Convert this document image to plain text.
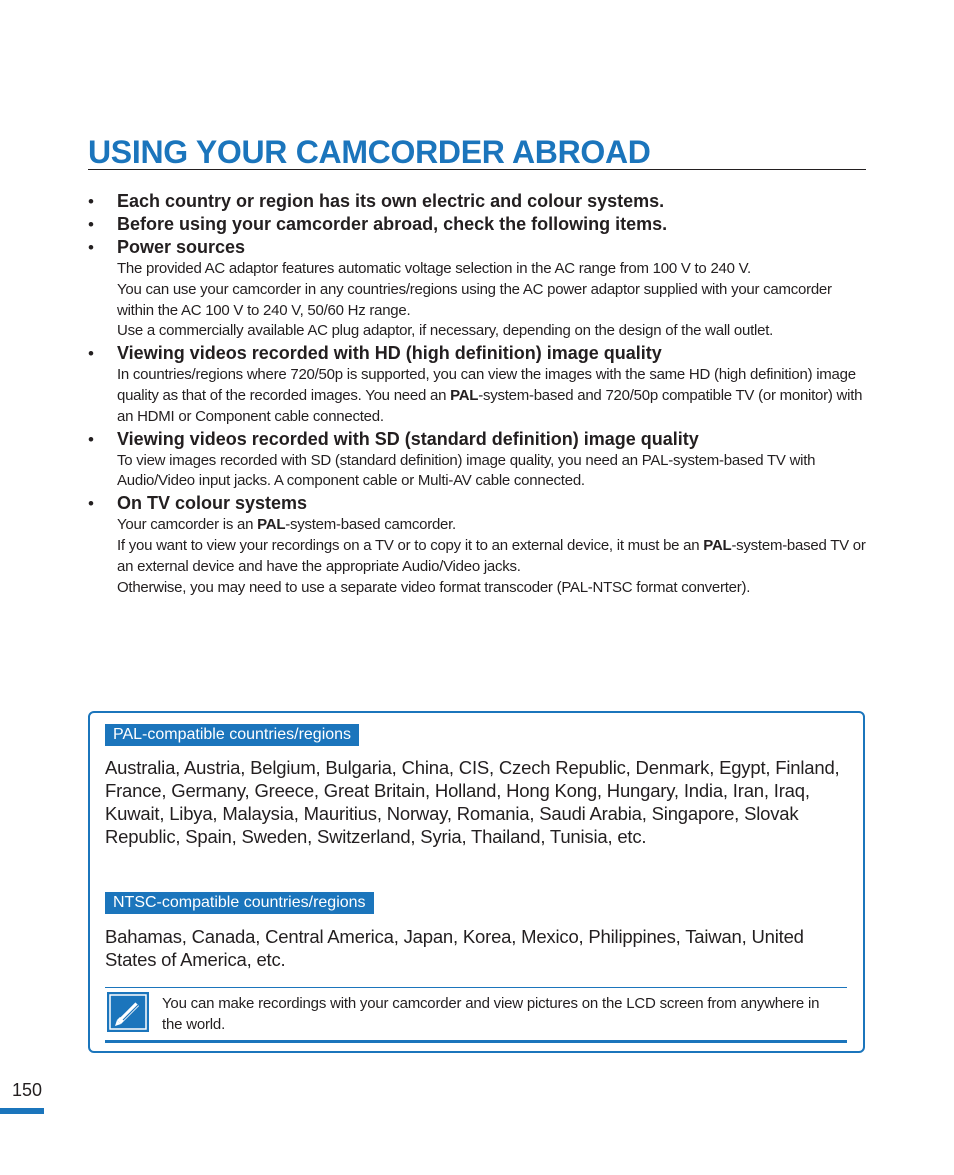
USING YOUR CAMCORDER ABROAD
• Each country or region has its own electric and colour systems.
• Before using your camcorder abroad, check the following items.
• Power sources

The provided AC adaptor features automatic voltage selection in the AC range from 100 V to 240 V.

You can use your camcorder in any countries/regions using the AC power adaptor supplied with your camcorder within the AC 100 V to 240 V, 50/60 Hz range.

Use a commercially available AC plug adaptor, if necessary, depending on the design of the wall outlet.

• Viewing videos recorded with HD (high definition) image quality

In countries/regions where 720/50p is supported, you can view the images with the same HD (high definition) image quality as that of the recorded images. You need an PAL-system-based and 720/50p compatible TV (or monitor) with an HDMI or Component cable connected.

• Viewing videos recorded with SD (standard definition) image quality

To view images recorded with SD (standard definition) image quality, you need an PAL-system-based TV with Audio/Video input jacks. A component cable or Multi-AV cable connected.

• On TV colour systems

Your camcorder is an PAL-system-based camcorder.

If you want to view your recordings on a TV or to copy it to an external device, it must be an PAL-system-based TV or an external device and have the appropriate Audio/Video jacks.

Otherwise, you may need to use a separate video format transcoder (PAL-NTSC format converter).

PAL-compatible countries/regions
Australia, Austria, Belgium, Bulgaria, China, CIS, Czech Republic, Denmark, Egypt, Finland, France, Germany, Greece, Great Britain, Holland, Hong Kong, Hungary, India, Iran, Iraq, Kuwait, Libya, Malaysia, Mauritius, Norway, Romania, Saudi Arabia, Singapore, Slovak Republic, Spain, Sweden, Switzerland, Syria, Thailand, Tunisia, etc.
NTSC-compatible countries/regions
Bahamas, Canada, Central America, Japan, Korea, Mexico, Philippines, Taiwan, United States of America, etc.
You can make recordings with your camcorder and view pictures on the LCD screen from anywhere in the world.
150
